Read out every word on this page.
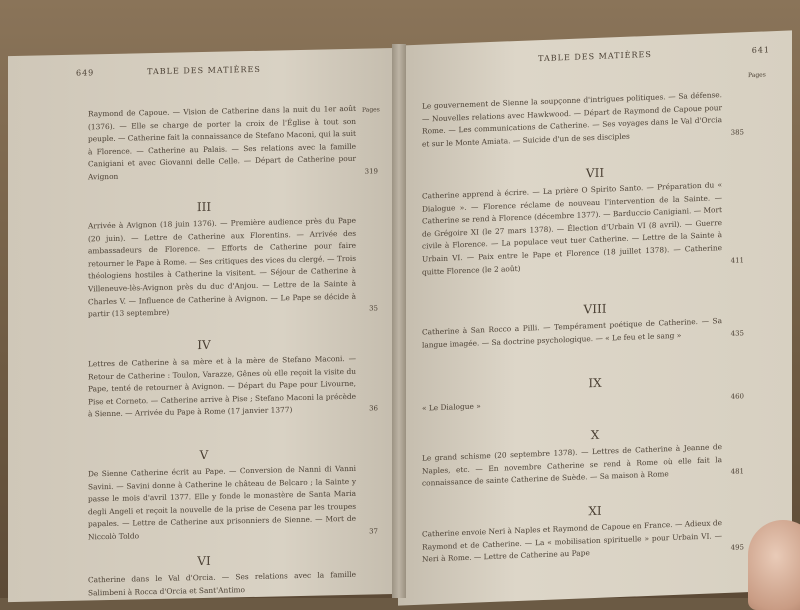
649	TABLE DES MATIÈRES
Pages
Raymond de Capoue. — Vision de Catherine dans la nuit du 1er août (1376). — Elle se charge de porter la croix de l'Église à tout son peuple. — Catherine fait la connaissance de Stefano Maconi, qui la suit à Florence. — Catherine au Palais. — Ses relations avec la famille Canigiani et avec Giovanni delle Celle. — Départ de Catherine pour Avignon
319
III
Arrivée à Avignon (18 juin 1376). — Première audience près du Pape (20 juin). — Lettre de Catherine aux Florentins. — Arrivée des ambassadeurs de Florence. — Efforts de Catherine pour faire retourner le Pape à Rome. — Ses critiques des vices du clergé. — Trois théologiens hostiles à Catherine la visitent. — Séjour de Catherine à Villeneuve-lès-Avignon près du duc d'Anjou. — Lettre de la Sainte à Charles V. — Influence de Catherine à Avignon. — Le Pape se décide à partir (13 septembre)	35
IV
Lettres de Catherine à sa mère et à la mère de Stefano Maconi. — Retour de Catherine : Toulon, Varazze, Gênes où elle reçoit la visite du Pape, tenté de retourner à Avignon. — Départ du Pape pour Livourne, Pise et Corneto. — Catherine arrive à Pise ; Stefano Maconi la précède à Sienne. — Arrivée du Pape à Rome (17 janvier 1377)	36
V
De Sienne Catherine écrit au Pape. — Conversion de Nanni di Vanni Savini. — Savini donne à Catherine le château de Belcaro ; la Sainte y passe le mois d'avril 1377. Elle y fonde le monastère de Santa Maria degli Angeli et reçoit la nouvelle de la prise de Cesena par les troupes papales. — Lettre de Catherine aux prisonniers de Sienne. — Mort de Niccolò Toldo	37
VI
Catherine dans le Val d'Orcia. — Ses relations avec la famille Salimbeni à Rocca d'Orcia et Sant'Antimo
TABLE DES MATIÈRES	641
Pages
Le gouvernement de Sienne la soupçonne d'intrigues politiques. — Sa défense. — Nouvelles relations avec Hawkwood. — Départ de Raymond de Capoue pour Rome. — Les communications de Catherine. — Ses voyages dans le Val d'Orcia et sur le Monte Amiata. — Suicide d'un de ses disciples	385
VII
Catherine apprend à écrire. — La prière O Spirito Santo. — Préparation du « Dialogue ». — Florence réclame de nouveau l'intervention de la Sainte. — Catherine se rend à Florence (décembre 1377). — Barduccio Canigiani. — Mort de Grégoire XI (le 27 mars 1378). — Élection d'Urbain VI (8 avril). — Guerre civile à Florence. — La populace veut tuer Catherine. — Lettre de la Sainte à Urbain VI. — Paix entre le Pape et Florence (18 juillet 1378). — Catherine quitte Florence (le 2 août)
411
VIII
Catherine à San Rocco a Pilli. — Tempérament poétique de Catherine. — Sa langue imagée. — Sa doctrine psychologique. — « Le feu et le sang »	435
IX
« Le Dialogue »
460
X
Le grand schisme (20 septembre 1378). — Lettres de Catherine à Jeanne de Naples, etc. — En novembre Catherine se rend à Rome où elle fait la connaissance de sainte Catherine de Suède. — Sa maison à Rome	481
XI
Catherine envoie Neri à Naples et Raymond de Capoue en France. — Adieux de Raymond et de Catherine. — La « mobilisation spirituelle » pour Urbain VI. — Neri à Rome. — Lettre de Catherine au Pape
495
